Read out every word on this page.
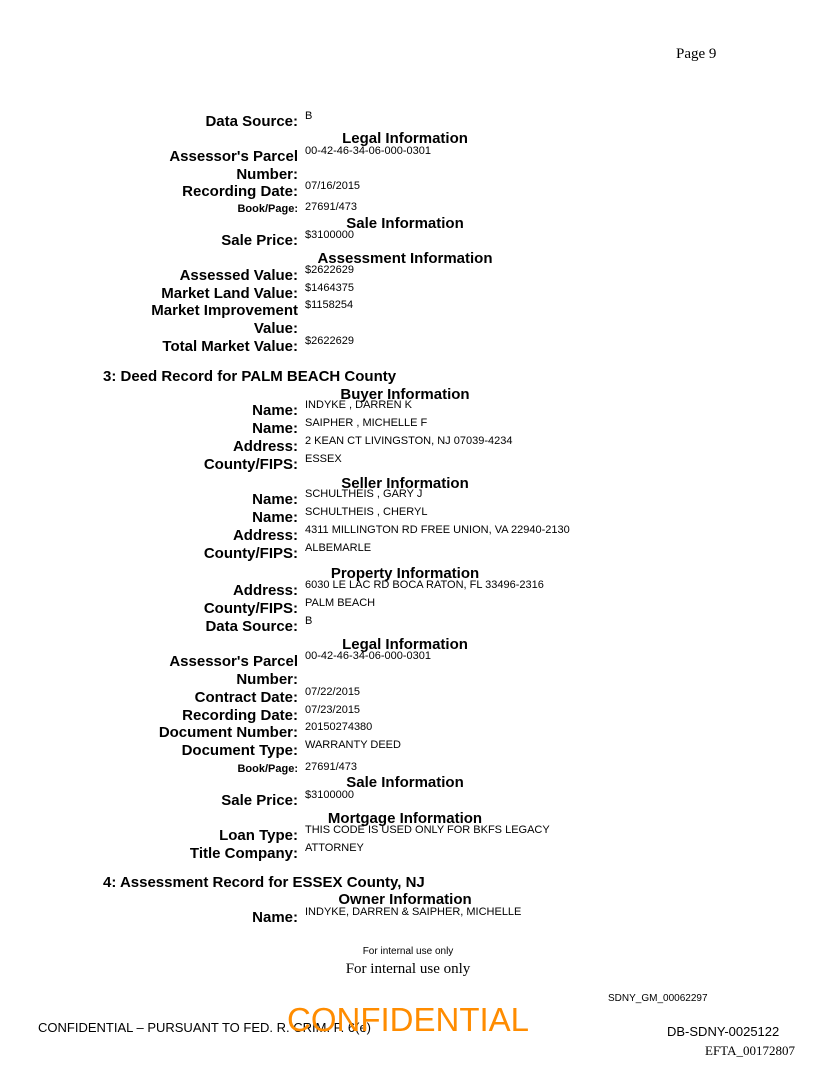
Page 9
Data Source: B
Legal Information
Assessor's Parcel 00-42-46-34-06-000-0301
Number:
Recording Date: 07/16/2015
Book/Page: 27691/473
Sale Information
Sale Price: $3100000
Assessment Information
Assessed Value: $2622629
Market Land Value: $1464375
Market Improvement $1158254
Value:
Total Market Value: $2622629
3: Deed Record for PALM BEACH County
Buyer Information
Name: INDYKE , DARREN K
Name: SAIPHER , MICHELLE F
Address: 2 KEAN CT LIVINGSTON, NJ 07039-4234
County/FIPS: ESSEX
Seller Information
Name: SCHULTHEIS , GARY J
Name: SCHULTHEIS , CHERYL
Address: 4311 MILLINGTON RD FREE UNION, VA 22940-2130
County/FIPS: ALBEMARLE
Property Information
Address: 6030 LE LAC RD BOCA RATON, FL 33496-2316
County/FIPS: PALM BEACH
Data Source: B
Legal Information
Assessor's Parcel 00-42-46-34-06-000-0301
Number:
Contract Date: 07/22/2015
Recording Date: 07/23/2015
Document Number: 20150274380
Document Type: WARRANTY DEED
Book/Page: 27691/473
Sale Information
Sale Price: $3100000
Mortgage Information
Loan Type: THIS CODE IS USED ONLY FOR BKFS LEGACY
Title Company: ATTORNEY
4: Assessment Record for ESSEX County, NJ
Owner Information
Name: INDYKE, DARREN & SAIPHER, MICHELLE
For internal use only
For internal use only
SDNY_GM_00062297
CONFIDENTIAL – PURSUANT TO FED. R. CRIM. P. 6(e)
CONFIDENTIAL	DB-SDNY-0025122
EFTA_00172807
